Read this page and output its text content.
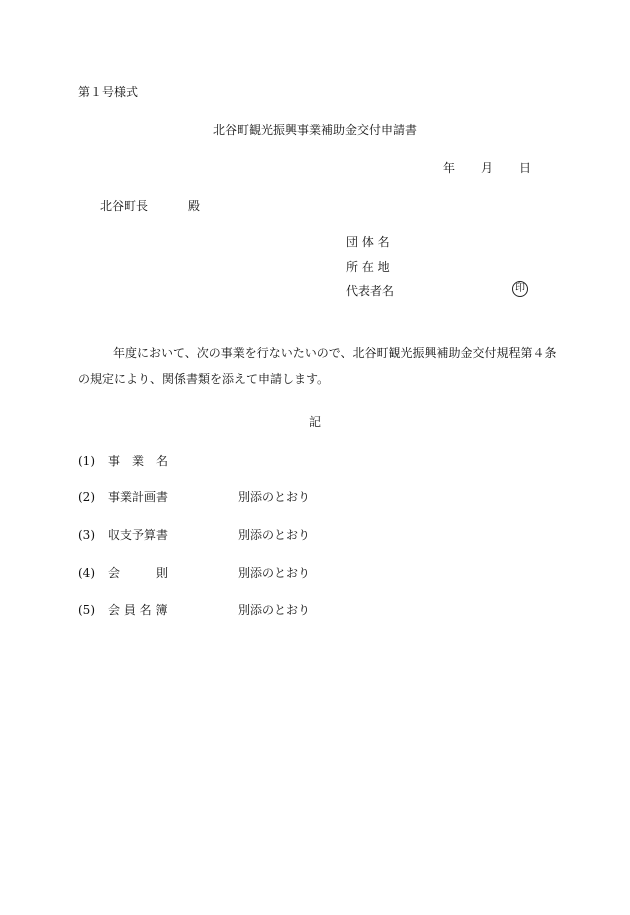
第１号様式
北谷町観光振興事業補助金交付申請書
年 月 日
北谷町長	殿
団 体 名
所 在 地
代表者名	印
年度において、次の事業を行ないたいので、北谷町観光振興補助金交付規程第４条
の規定により、関係書類を添えて申請します。
記
(1) 事　業　名
(2) 事業計画書	別添のとおり
(3) 収支予算書	別添のとおり
(4) 会　　　則	別添のとおり
(5) 会 員 名 簿	別添のとおり
